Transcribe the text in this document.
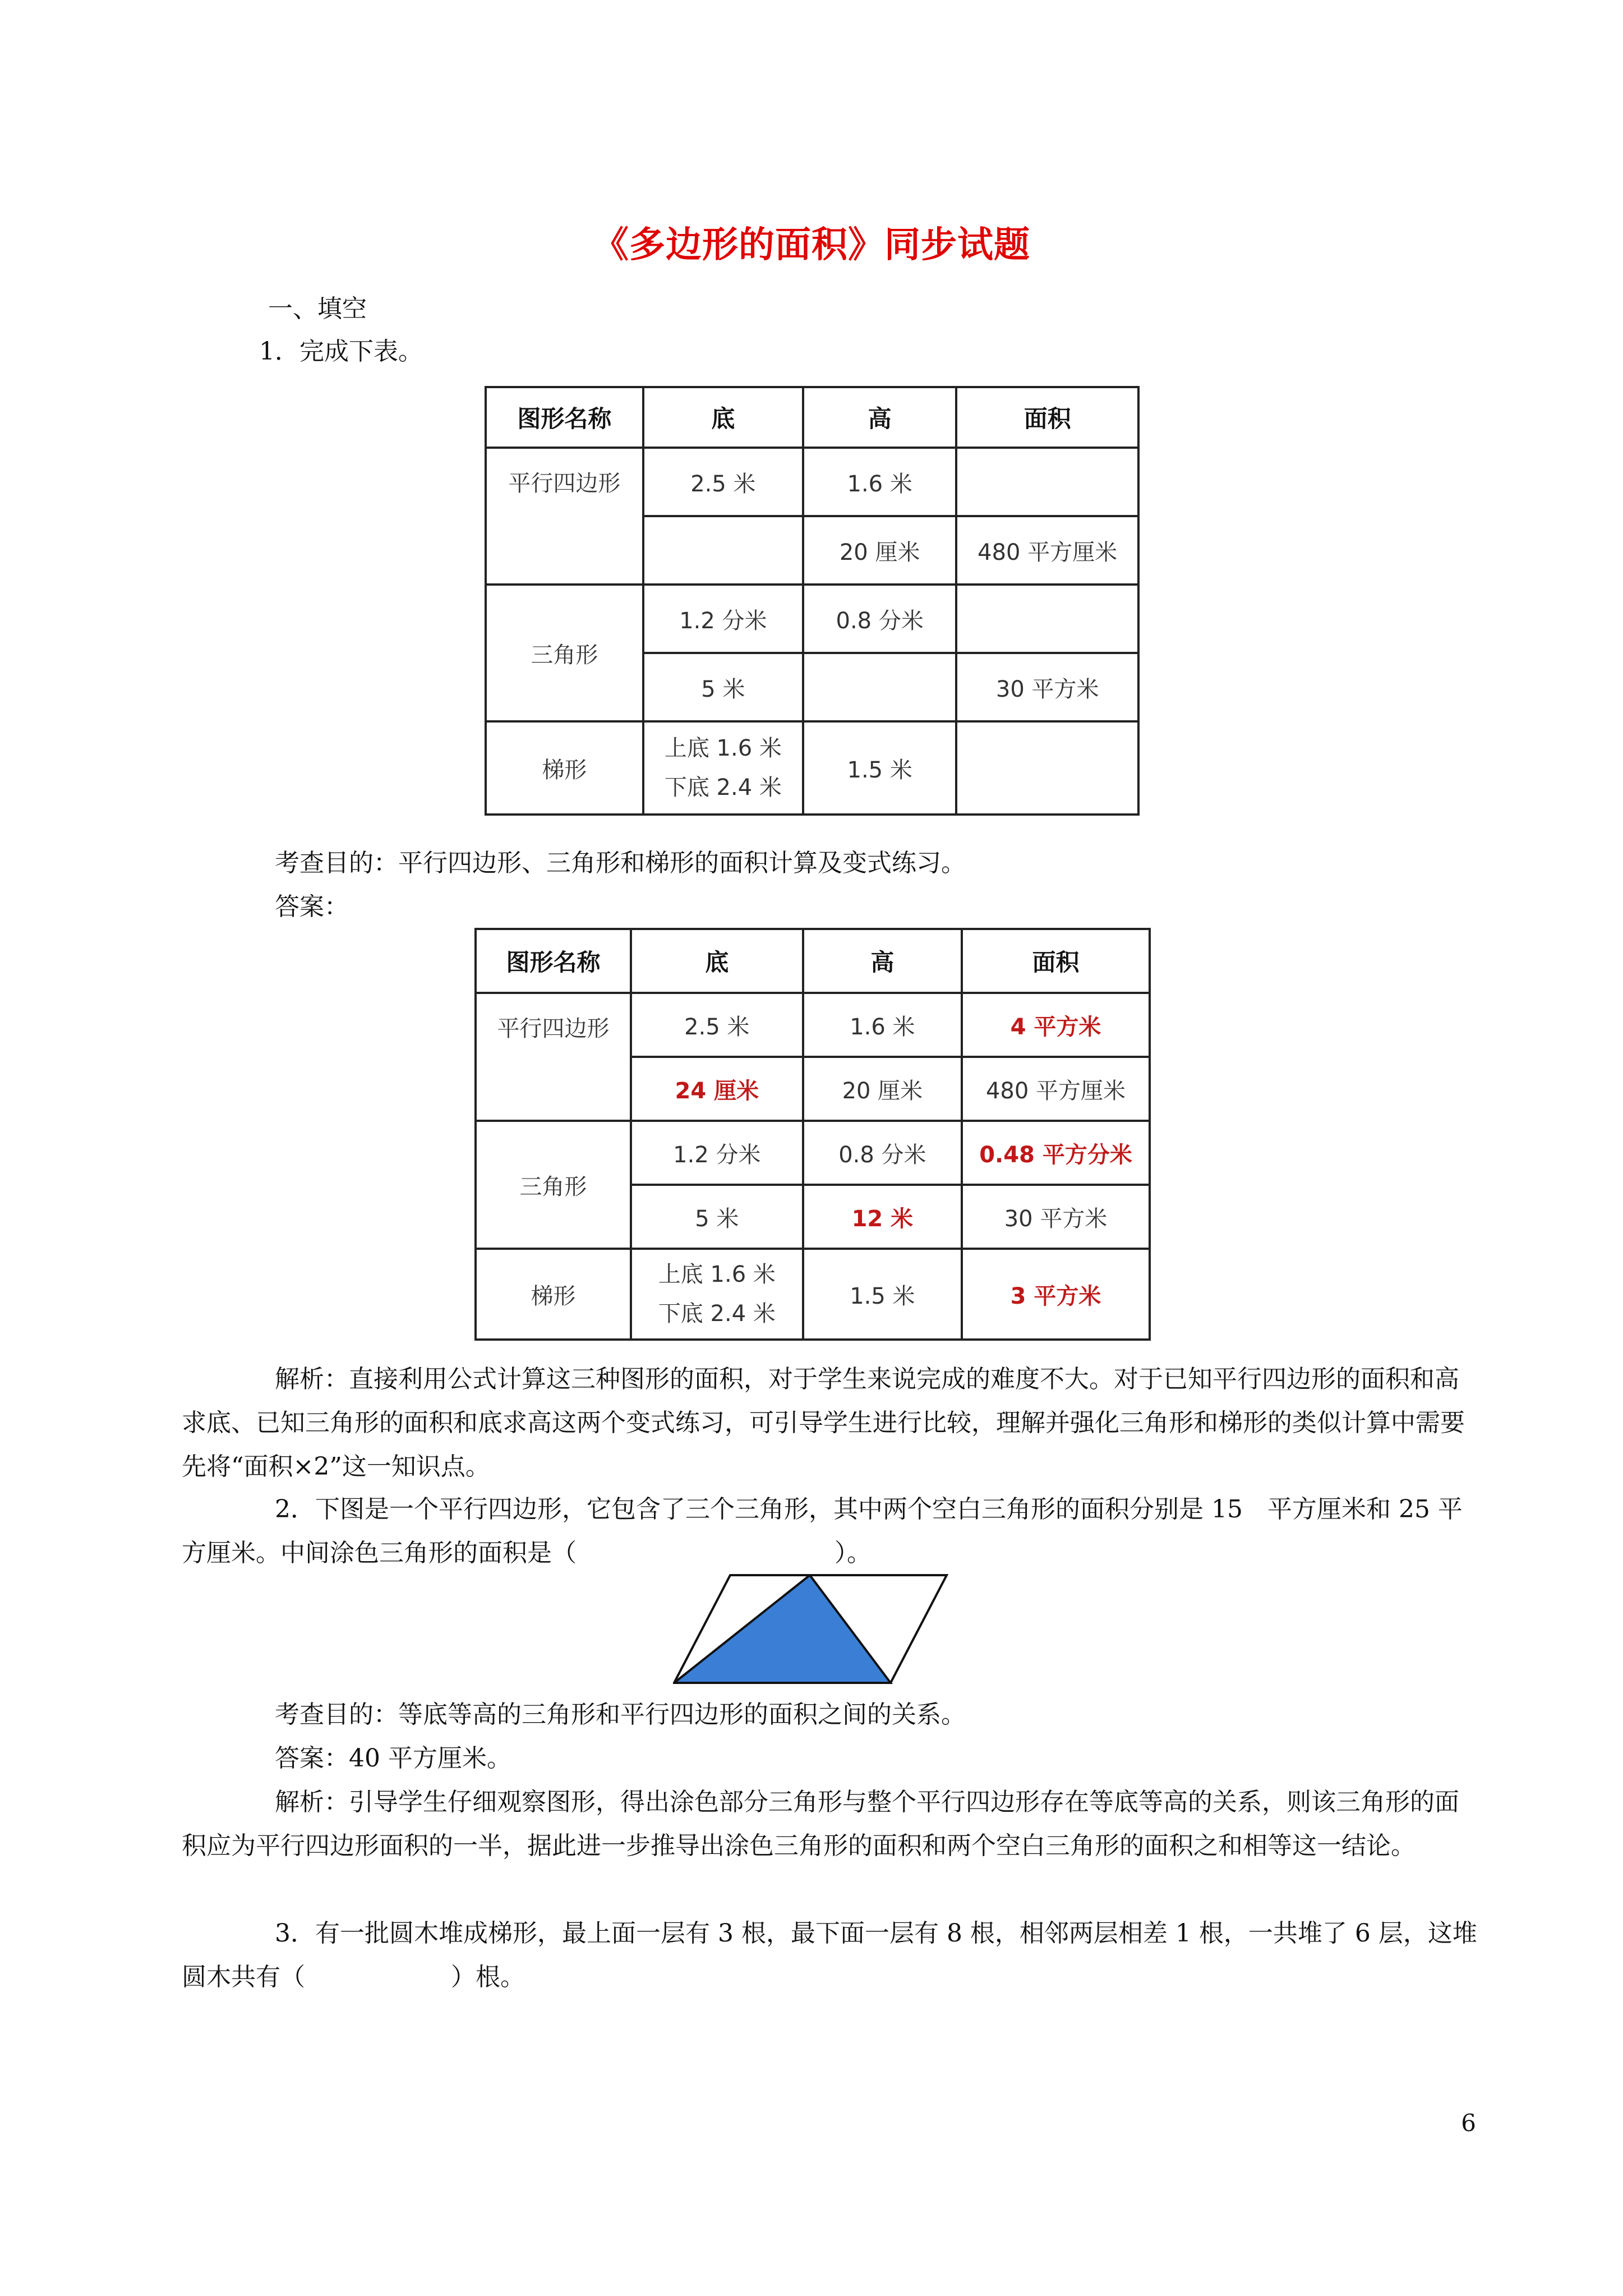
《多边形的面积》同步试题
一、填空
1．完成下表。
图形名称	底	高	面积
平行四边形	2.5 米	1.6 米	
		20 厘米	480 平方厘米
三角形	1.2 分米	0.8 分米	
	5 米		30 平方米
梯形	上底 1.6 米
下底 2.4 米	1.5 米	
考查目的：平行四边形、三角形和梯形的面积计算及变式练习。
答案：
图形名称	底	高	面积
平行四边形	2.5 米	1.6 米	4 平方米
	24 厘米	20 厘米	480 平方厘米
三角形	1.2 分米	0.8 分米	0.48 平方分米
	5 米	12 米	30 平方米
梯形	上底 1.6 米
下底 2.4 米	1.5 米	3 平方米
解析：直接利用公式计算这三种图形的面积，对于学生来说完成的难度不大。对于已知平行四边形的面积和高求底、已知三角形的面积和底求高这两个变式练习，可引导学生进行比较，理解并强化三角形和梯形的类似计算中需要先将“面积×2”这一知识点。
2．下图是一个平行四边形，它包含了三个三角形，其中两个空白三角形的面积分别是 15　平方厘米和 25 平方厘米。中间涂色三角形的面积是（	）。
考查目的：等底等高的三角形和平行四边形的面积之间的关系。
答案：40 平方厘米。
解析：引导学生仔细观察图形，得出涂色部分三角形与整个平行四边形存在等底等高的关系，则该三角形的面积应为平行四边形面积的一半，据此进一步推导出涂色三角形的面积和两个空白三角形的面积之和相等这一结论。
3．有一批圆木堆成梯形，最上面一层有 3 根，最下面一层有 8 根，相邻两层相差 1 根，一共堆了 6 层，这堆圆木共有（	）根。
6
